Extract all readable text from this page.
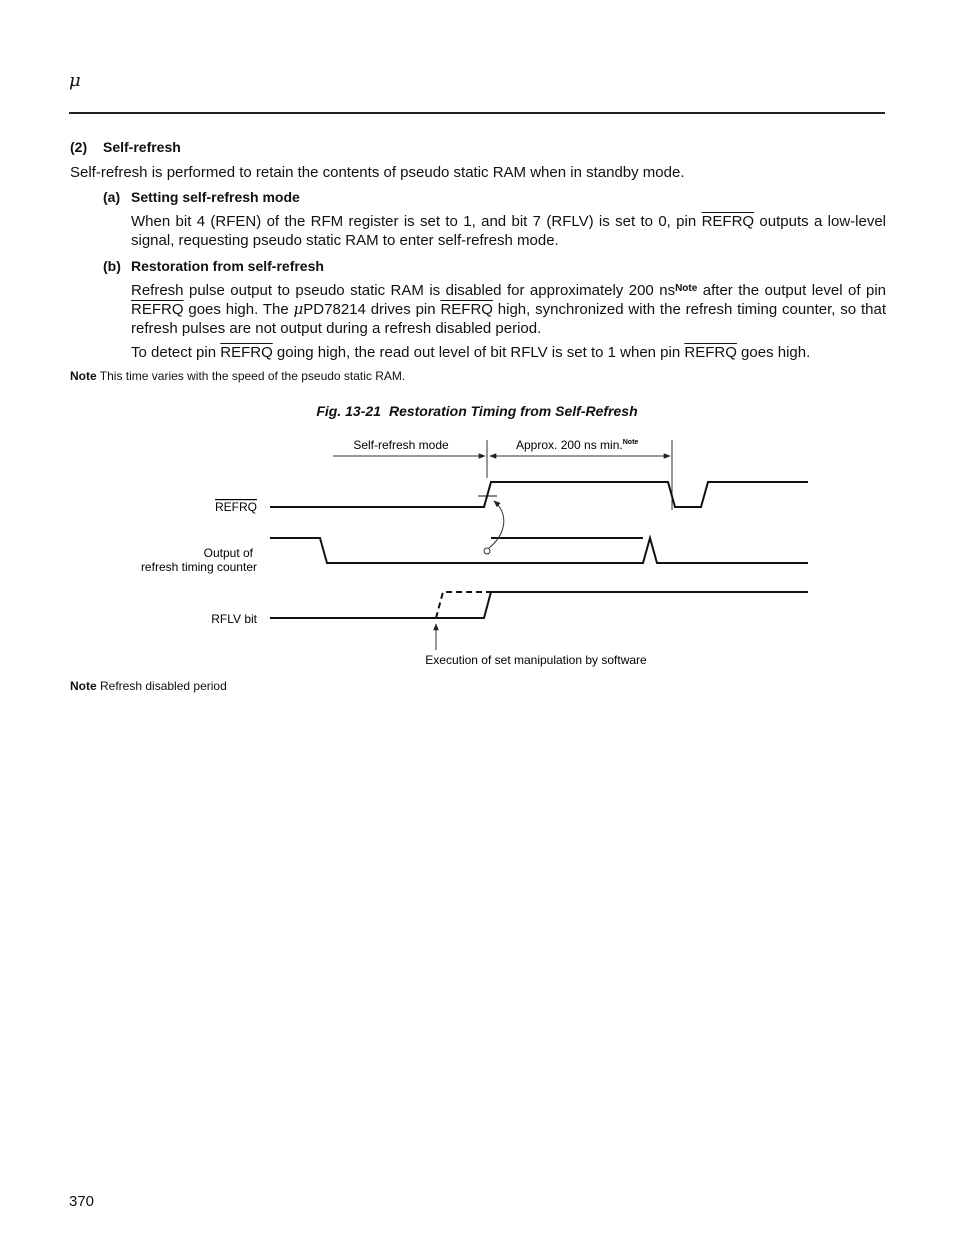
μ
(2) Self-refresh
Self-refresh is performed to retain the contents of pseudo static RAM when in standby mode.
(a) Setting self-refresh mode
When bit 4 (RFEN) of the RFM register is set to 1, and bit 7 (RFLV) is set to 0, pin REFRQ outputs a low-level signal, requesting pseudo static RAM to enter self-refresh mode.
(b) Restoration from self-refresh
Refresh pulse output to pseudo static RAM is disabled for approximately 200 $ns^{Note}$ after the output level of pin REFRQ goes high. The μPD78214 drives pin REFRQ high, synchronized with the refresh timing counter, so that refresh pulses are not output during a refresh disabled period.
To detect pin REFRQ going high, the read out level of bit RFLV is set to 1 when pin REFRQ goes high.
Note This time varies with the speed of the pseudo static RAM.
Fig. 13-21 Restoration Timing from Self-Refresh
Self-refresh mode	Approx. 200 ns min.$^{Note}$
REFRQ
Output of
refresh timing counter
RFLV bit
Execution of set manipulation by software
Note Refresh disabled period
370
